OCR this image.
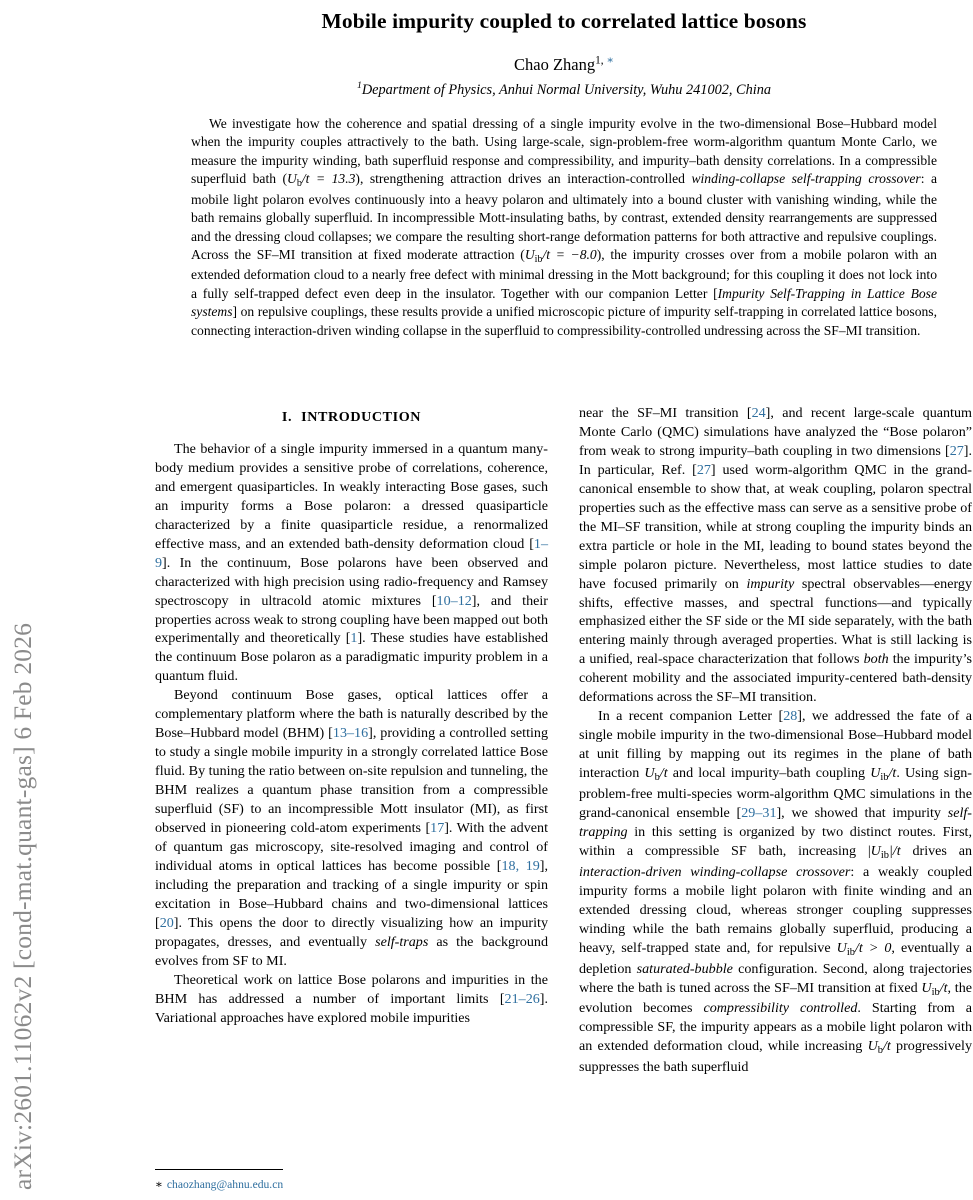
arXiv:2601.11062v2 [cond-mat.quant-gas] 6 Feb 2026
Mobile impurity coupled to correlated lattice bosons
Chao Zhang$^{1,}$ ∗
$^1$Department of Physics, Anhui Normal University, Wuhu 241002, China

We investigate how the coherence and spatial dressing of a single impurity evolve in the two-dimensional Bose–Hubbard model when the impurity couples attractively to the bath. Using large-scale, sign-problem-free worm-algorithm quantum Monte Carlo, we measure the impurity winding, bath superfluid response and compressibility, and impurity–bath density correlations. In a compressible superfluid bath $(U_b/t = 13.3)$, strengthening attraction drives an interaction-controlled winding-collapse self-trapping crossover: a mobile light polaron evolves continuously into a heavy polaron and ultimately into a bound cluster with vanishing winding, while the bath remains globally superfluid. In incompressible Mott-insulating baths, by contrast, extended density rearrangements are suppressed and the dressing cloud collapses; we compare the resulting short-range deformation patterns for both attractive and repulsive couplings. Across the SF–MI transition at fixed moderate attraction $(U_{ib}/t = -8.0)$, the impurity crosses over from a mobile polaron with an extended deformation cloud to a nearly free defect with minimal dressing in the Mott background; for this coupling it does not lock into a fully self-trapped defect even deep in the insulator. Together with our companion Letter [Impurity Self-Trapping in Lattice Bose systems] on repulsive couplings, these results provide a unified microscopic picture of impurity self-trapping in correlated lattice bosons, connecting interaction-driven winding collapse in the superfluid to compressibility-controlled undressing across the SF–MI transition.

I. INTRODUCTION

The behavior of a single impurity immersed in a quantum many-body medium provides a sensitive probe of correlations, coherence, and emergent quasiparticles. In weakly interacting Bose gases, such an impurity forms a Bose polaron: a dressed quasiparticle characterized by a finite quasiparticle residue, a renormalized effective mass, and an extended bath-density deformation cloud [1–9]. In the continuum, Bose polarons have been observed and characterized with high precision using radio-frequency and Ramsey spectroscopy in ultracold atomic mixtures [10–12], and their properties across weak to strong coupling have been mapped out both experimentally and theoretically [1]. These studies have established the continuum Bose polaron as a paradigmatic impurity problem in a quantum fluid.

Beyond continuum Bose gases, optical lattices offer a complementary platform where the bath is naturally described by the Bose–Hubbard model (BHM) [13–16], providing a controlled setting to study a single mobile impurity in a strongly correlated lattice Bose fluid. By tuning the ratio between on-site repulsion and tunneling, the BHM realizes a quantum phase transition from a compressible superfluid (SF) to an incompressible Mott insulator (MI), as first observed in pioneering cold-atom experiments [17]. With the advent of quantum gas microscopy, site-resolved imaging and control of individual atoms in optical lattices has become possible [18, 19], including the preparation and tracking of a single impurity or spin excitation in Bose–Hubbard chains and two-dimensional lattices [20]. This opens the door to directly visualizing how an impurity propagates, dresses, and eventually self-traps as the background evolves from SF to MI.

Theoretical work on lattice Bose polarons and impurities in the BHM has addressed a number of important limits [21–26]. Variational approaches have explored mobile impurities

∗ chaozhang@ahnu.edu.cn

near the SF–MI transition [24], and recent large-scale quantum Monte Carlo (QMC) simulations have analyzed the “Bose polaron” from weak to strong impurity–bath coupling in two dimensions [27]. In particular, Ref. [27] used worm-algorithm QMC in the grand-canonical ensemble to show that, at weak coupling, polaron spectral properties such as the effective mass can serve as a sensitive probe of the MI–SF transition, while at strong coupling the impurity binds an extra particle or hole in the MI, leading to bound states beyond the simple polaron picture. Nevertheless, most lattice studies to date have focused primarily on impurity spectral observables—energy shifts, effective masses, and spectral functions—and typically emphasized either the SF side or the MI side separately, with the bath entering mainly through averaged properties. What is still lacking is a unified, real-space characterization that follows both the impurity’s coherent mobility and the associated impurity-centered bath-density deformations across the SF–MI transition.

In a recent companion Letter [28], we addressed the fate of a single mobile impurity in the two-dimensional Bose–Hubbard model at unit filling by mapping out its regimes in the plane of bath interaction $U_b/t$ and local impurity–bath coupling $U_{ib}/t$. Using sign-problem-free multi-species worm-algorithm QMC simulations in the grand-canonical ensemble [29–31], we showed that impurity self-trapping in this setting is organized by two distinct routes. First, within a compressible SF bath, increasing $|U_{ib}|/t$ drives an interaction-driven winding-collapse crossover: a weakly coupled impurity forms a mobile light polaron with finite winding and an extended dressing cloud, whereas stronger coupling suppresses winding while the bath remains globally superfluid, producing a heavy, self-trapped state and, for repulsive $U_{ib}/t > 0$, eventually a depletion saturated-bubble configuration. Second, along trajectories where the bath is tuned across the SF–MI transition at fixed $U_{ib}/t$, the evolution becomes compressibility controlled. Starting from a compressible SF, the impurity appears as a mobile light polaron with an extended deformation cloud, while increasing $U_b/t$ progressively suppresses the bath superfluid
